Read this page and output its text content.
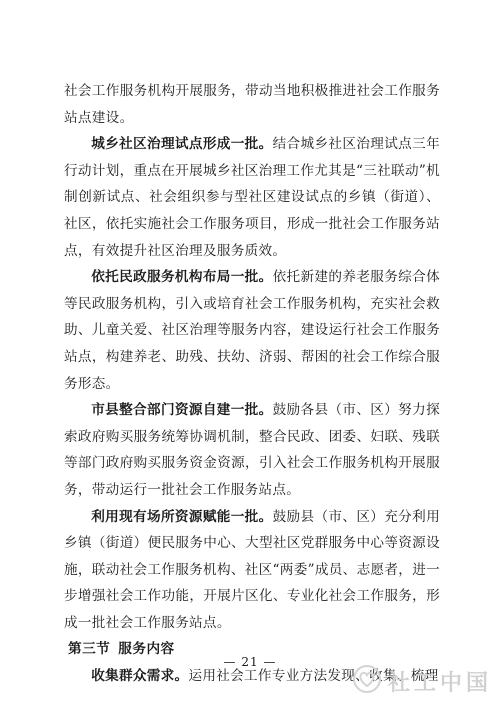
社会工作服务机构开展服务，带动当地积极推进社会工作服务站点建设。

城乡社区治理试点形成一批。结合城乡社区治理试点三年行动计划，重点在开展城乡社区治理工作尤其是“三社联动”机制创新试点、社会组织参与型社区建设试点的乡镇（街道）、社区，依托实施社会工作服务项目，形成一批社会工作服务站点，有效提升社区治理及服务质效。

依托民政服务机构布局一批。依托新建的养老服务综合体等民政服务机构，引入或培育社会工作服务机构，充实社会救助、儿童关爱、社区治理等服务内容，建设运行社会工作服务站点，构建养老、助残、扶幼、济弱、帮困的社会工作综合服务形态。

市县整合部门资源自建一批。鼓励各县（市、区）努力探索政府购买服务统筹协调机制，整合民政、团委、妇联、残联等部门政府购买服务资金资源，引入社会工作服务机构开展服务，带动运行一批社会工作服务站点。

利用现有场所资源赋能一批。鼓励县（市、区）充分利用乡镇（街道）便民服务中心、大型社区党群服务中心等资源设施，联动社会工作服务机构、社区“两委”成员、志愿者，进一步增强社会工作功能，开展片区化、专业化社会工作服务，形成一批社会工作服务站点。

第三节 服务内容

收集群众需求。运用社会工作专业方法发现、收集、梳理

— 21 —
社工中国
